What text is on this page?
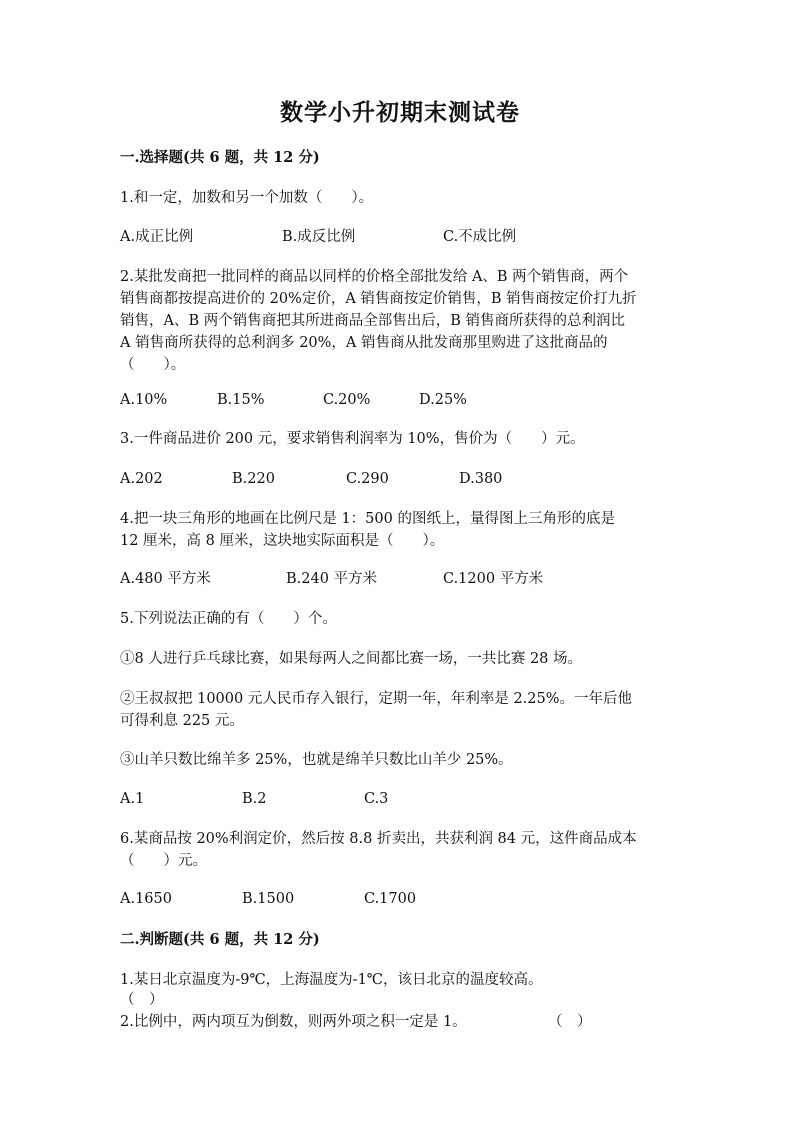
数学小升初期末测试卷
一.选择题(共 6 题，共 12 分)
1.和一定，加数和另一个加数（　　）。
A.成正比例	B.成反比例	C.不成比例
2.某批发商把一批同样的商品以同样的价格全部批发给 A、B 两个销售商，两个
销售商都按提高进价的 20%定价，A 销售商按定价销售，B 销售商按定价打九折
销售，A、B 两个销售商把其所进商品全部售出后，B 销售商所获得的总利润比
A 销售商所获得的总利润多 20%，A 销售商从批发商那里购进了这批商品的
（　　）。
A.10%	B.15%	C.20%	D.25%
3.一件商品进价 200 元，要求销售利润率为 10%，售价为（　　）元。
A.202	B.220	C.290	D.380
4.把一块三角形的地画在比例尺是 1：500 的图纸上，量得图上三角形的底是
12 厘米，高 8 厘米，这块地实际面积是（　　）。
A.480 平方米	B.240 平方米	C.1200 平方米
5.下列说法正确的有（　　）个。
①8 人进行乒乓球比赛，如果每两人之间都比赛一场，一共比赛 28 场。
②王叔叔把 10000 元人民币存入银行，定期一年，年利率是 2.25%。一年后他
可得利息 225 元。
③山羊只数比绵羊多 25%，也就是绵羊只数比山羊少 25%。
A.1	B.2	C.3
6.某商品按 20%利润定价，然后按 8.8 折卖出，共获利润 84 元，这件商品成本
（　　）元。
A.1650	B.1500	C.1700
二.判断题(共 6 题，共 12 分)
1.某日北京温度为-9℃，上海温度为-1℃，该日北京的温度较高。
（　）
2.比例中，两内项互为倒数，则两外项之积一定是 1。	（　）
